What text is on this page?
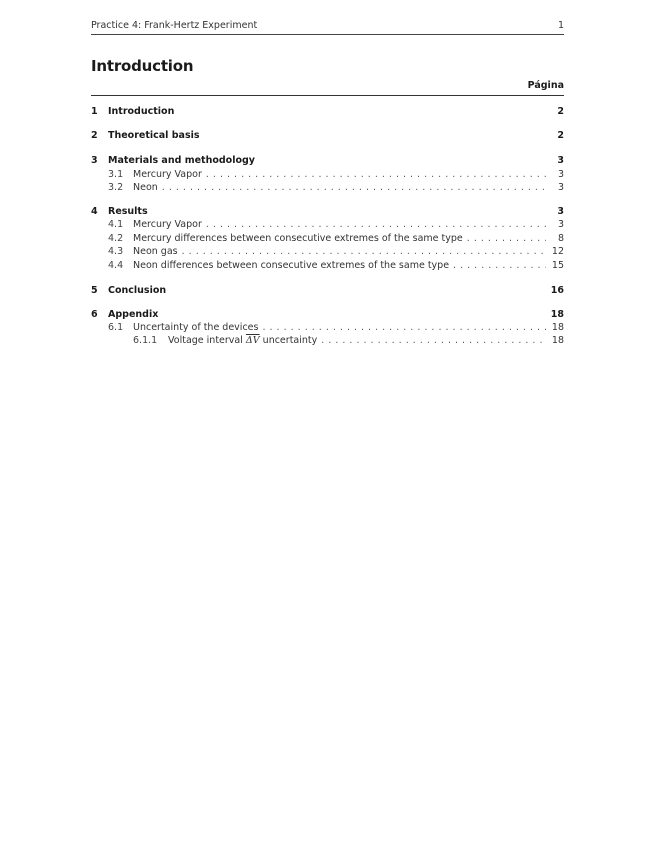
Practice 4: Frank-Hertz Experiment	1
Introduction
Página
1	Introduction	2
2	Theoretical basis	2
3	Materials and methodology	3
3.1	Mercury Vapor . . .	3
3.2	Neon . . .	3
4	Results	3
4.1	Mercury Vapor . . .	3
4.2	Mercury differences between consecutive extremes of the same type . . .	8
4.3	Neon gas . . .	12
4.4	Neon differences between consecutive extremes of the same type . . .	15
5	Conclusion	16
6	Appendix	18
6.1	Uncertainty of the devices . . .	18
6.1.1	Voltage interval $\overline{\Delta V}$ uncertainty . . .	18
